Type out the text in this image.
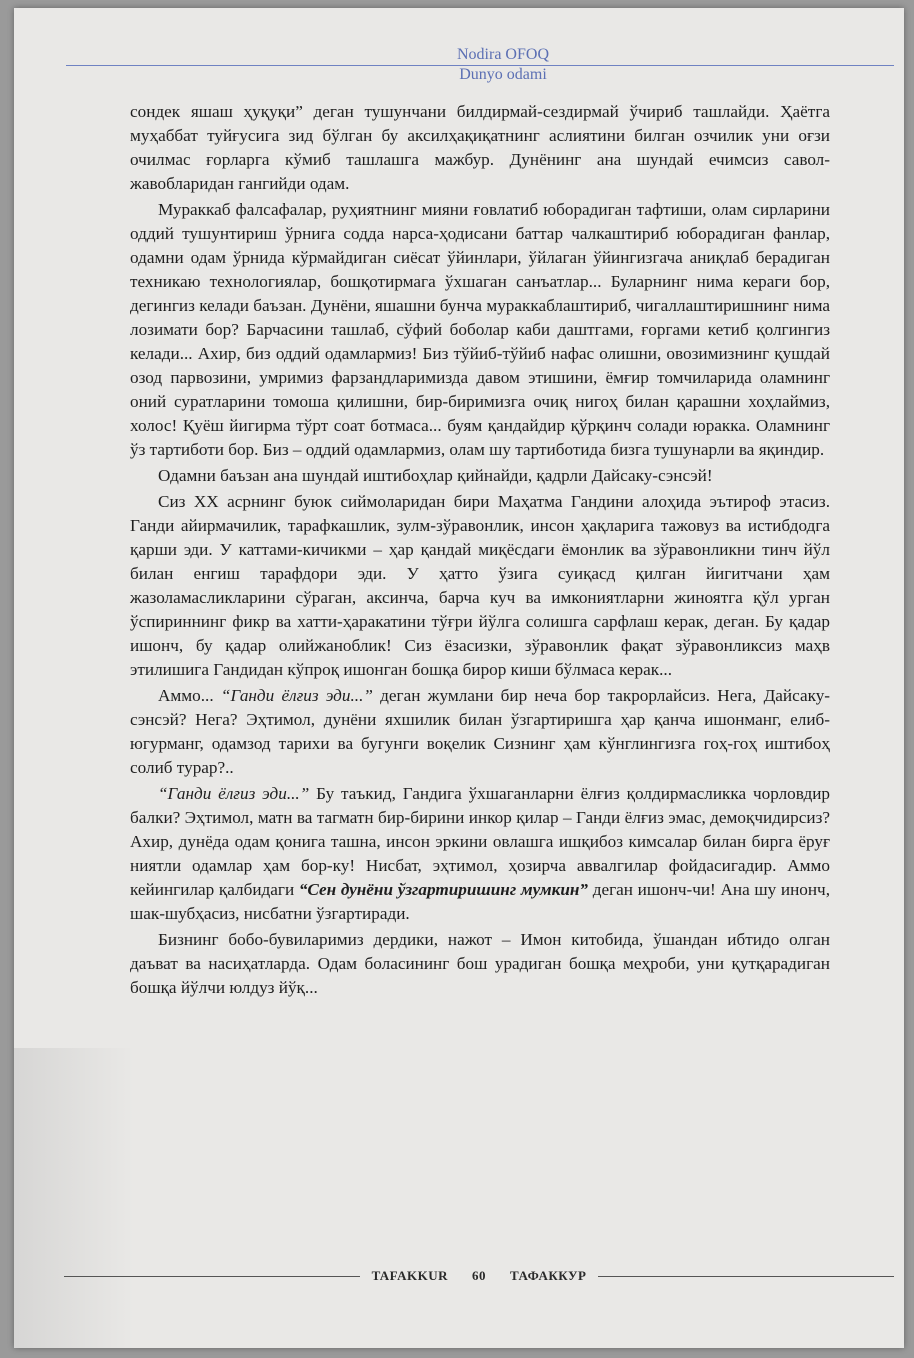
Nodira OFOQ
Dunyo odami

сондек яшаш ҳуқуқи” деган тушунчани билдирмай-сездирмай ўчириб ташлайди. Ҳаётга муҳаббат туйғусига зид бўлган бу аксилҳақиқатнинг аслиятини билган озчилик уни оғзи очилмас ғорларга кўмиб ташлашга мажбур. Дунёнинг ана шундай ечимсиз савол-жавобларидан гангийди одам.

Мураккаб фалсафалар, руҳиятнинг мияни ғовлатиб юборадиган тафтиши, олам сирларини оддий тушунтириш ўрнига содда нарса-ҳодисани баттар чалкаштириб юборадиган фанлар, одамни одам ўрнида кўрмайдиган сиёсат ўйинлари, ўйлаган ўйингизгача аниқлаб берадиган техникаю технологиялар, бошқотирмага ўхшаган санъатлар... Буларнинг нима кераги бор, дегингиз келади баъзан. Дунёни, яшашни бунча мураккаблаштириб, чигаллаштиришнинг нима лозимати бор? Барчасини ташлаб, сўфий боболар каби даштгами, ғоргами кетиб қолгингиз келади... Ахир, биз оддий одамлармиз! Биз тўйиб-тўйиб нафас олишни, овозимизнинг қушдай озод парвозини, умримиз фарзандларимизда давом этишини, ёмғир томчиларида оламнинг оний суратларини томоша қилишни, бир-биримизга очиқ нигоҳ билан қарашни хоҳлаймиз, холос! Қуёш йигирма тўрт соат ботмаса... буям қандайдир қўрқинч солади юракка. Оламнинг ўз тартиботи бор. Биз – оддий одамлармиз, олам шу тартиботида бизга тушунарли ва яқиндир.

Одамни баъзан ана шундай иштибоҳлар қийнайди, қадрли Дайсаку-сэнсэй!

Сиз XX асрнинг буюк сиймоларидан бири Маҳатма Гандини алоҳида эътироф этасиз. Ганди айирмачилик, тарафкашлик, зулм-зўравонлик, инсон ҳақларига тажовуз ва истибдодга қарши эди. У каттами-кичикми – ҳар қандай миқёсдаги ёмонлик ва зўравонликни тинч йўл билан енгиш тарафдори эди. У ҳатто ўзига суиқасд қилган йигитчани ҳам жазоламасликларини сўраган, аксинча, барча куч ва имкониятларни жиноятга қўл урган ўспириннинг фикр ва хатти-ҳаракатини тўғри йўлга солишга сарфлаш керак, деган. Бу қадар ишонч, бу қадар олийжаноблик! Сиз ёзасизки, зўравонлик фақат зўравонликсиз маҳв этилишига Гандидан кўпроқ ишонган бошқа бирор киши бўлмаса керак...

Аммо... “Ганди ёлғиз эди...” деган жумлани бир неча бор такрорлайсиз. Нега, Дайсаку-сэнсэй? Нега? Эҳтимол, дунёни яхшилик билан ўзгартиришга ҳар қанча ишонманг, елиб-югурманг, одамзод тарихи ва бугунги воқелик Сизнинг ҳам кўнглингизга гоҳ-гоҳ иштибоҳ солиб турар?..

“Ганди ёлғиз эди...” Бу таъкид, Гандига ўхшаганларни ёлғиз қолдирмасликка чорловдир балки? Эҳтимол, матн ва тагматн бир-бирини инкор қилар – Ганди ёлғиз эмас, демоқчидирсиз? Ахир, дунёда одам қонига ташна, инсон эркини овлашга ишқибоз кимсалар билан бирга ёруғ ниятли одамлар ҳам бор-ку! Нисбат, эҳтимол, ҳозирча аввалгилар фойдасигадир. Аммо кейингилар қалбидаги “Сен дунёни ўзгартиришинг мумкин” деган ишонч-чи! Ана шу инонч, шак-шубҳасиз, нисбатни ўзгартиради.

Бизнинг бобо-бувиларимиз дердики, нажот – Имон китобида, ўшандан ибтидо олган даъват ва насиҳатларда. Одам боласининг бош урадиган бошқа меҳроби, уни қутқарадиган бошқа йўлчи юлдуз йўқ...

TAFAKKUR	60	ТАФАККУР
